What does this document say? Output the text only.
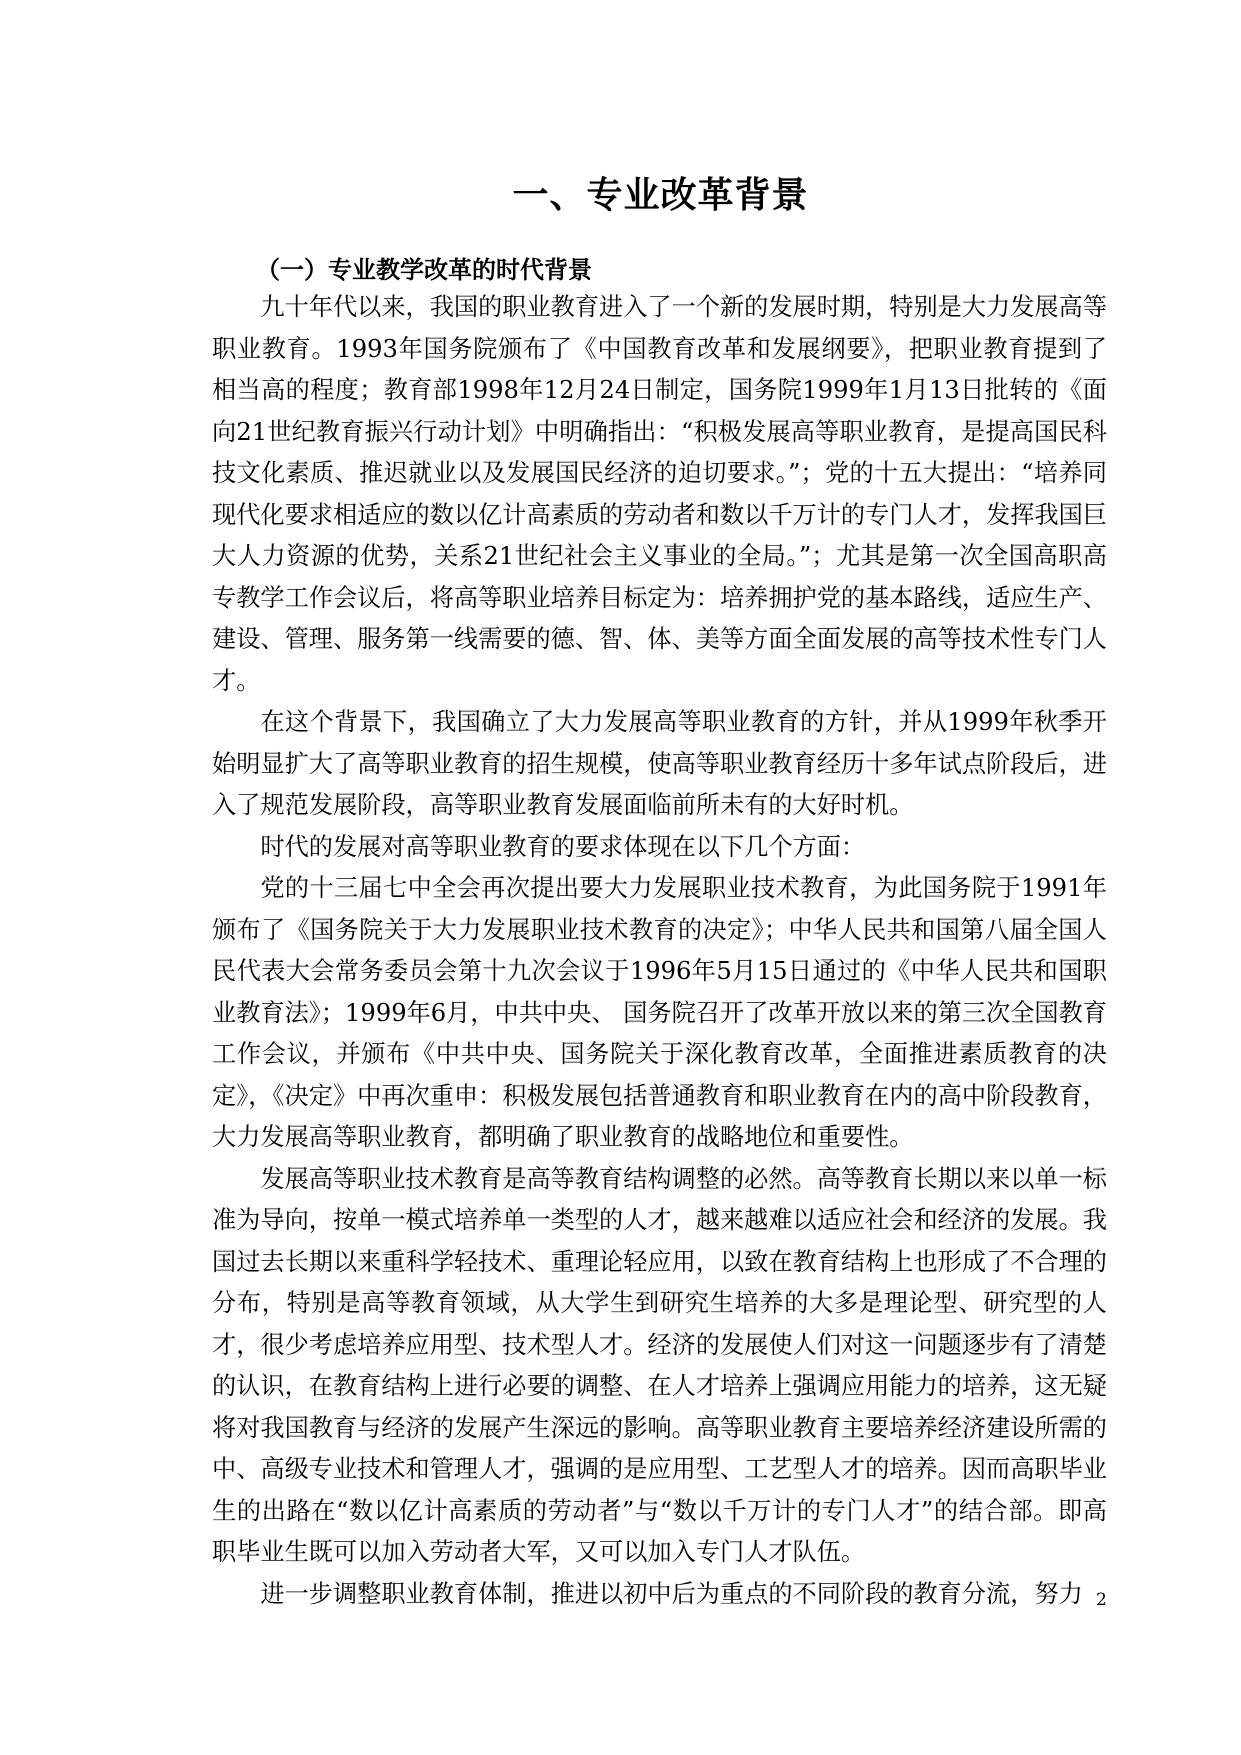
一、专业改革背景
（一）专业教学改革的时代背景

九十年代以来，我国的职业教育进入了一个新的发展时期，特别是大力发展高等职业教育。1993年国务院颁布了《中国教育改革和发展纲要》，把职业教育提到了相当高的程度；教育部1998年12月24日制定，国务院1999年1月13日批转的《面向21世纪教育振兴行动计划》中明确指出：“积极发展高等职业教育，是提高国民科技文化素质、推迟就业以及发展国民经济的迫切要求。”；党的十五大提出：“培养同现代化要求相适应的数以亿计高素质的劳动者和数以千万计的专门人才，发挥我国巨大人力资源的优势，关系21世纪社会主义事业的全局。”；尤其是第一次全国高职高专教学工作会议后，将高等职业培养目标定为：培养拥护党的基本路线，适应生产、建设、管理、服务第一线需要的德、智、体、美等方面全面发展的高等技术性专门人才。

在这个背景下，我国确立了大力发展高等职业教育的方针，并从1999年秋季开始明显扩大了高等职业教育的招生规模，使高等职业教育经历十多年试点阶段后，进入了规范发展阶段，高等职业教育发展面临前所未有的大好时机。

时代的发展对高等职业教育的要求体现在以下几个方面：

党的十三届七中全会再次提出要大力发展职业技术教育，为此国务院于1991年颁布了《国务院关于大力发展职业技术教育的决定》；中华人民共和国第八届全国人民代表大会常务委员会第十九次会议于1996年5月15日通过的《中华人民共和国职业教育法》；1999年6月，中共中央、 国务院召开了改革开放以来的第三次全国教育工作会议，并颁布《中共中央、国务院关于深化教育改革，全面推进素质教育的决定》，《决定》中再次重申：积极发展包括普通教育和职业教育在内的高中阶段教育，大力发展高等职业教育，都明确了职业教育的战略地位和重要性。

发展高等职业技术教育是高等教育结构调整的必然。高等教育长期以来以单一标准为导向，按单一模式培养单一类型的人才，越来越难以适应社会和经济的发展。我国过去长期以来重科学轻技术、重理论轻应用，以致在教育结构上也形成了不合理的分布，特别是高等教育领域，从大学生到研究生培养的大多是理论型、研究型的人才，很少考虑培养应用型、技术型人才。经济的发展使人们对这一问题逐步有了清楚的认识，在教育结构上进行必要的调整、在人才培养上强调应用能力的培养，这无疑将对我国教育与经济的发展产生深远的影响。高等职业教育主要培养经济建设所需的中、高级专业技术和管理人才，强调的是应用型、工艺型人才的培养。因而高职毕业生的出路在“数以亿计高素质的劳动者”与“数以千万计的专门人才”的结合部。即高职毕业生既可以加入劳动者大军，又可以加入专门人才队伍。

进一步调整职业教育体制，推进以初中后为重点的不同阶段的教育分流，努力 2
